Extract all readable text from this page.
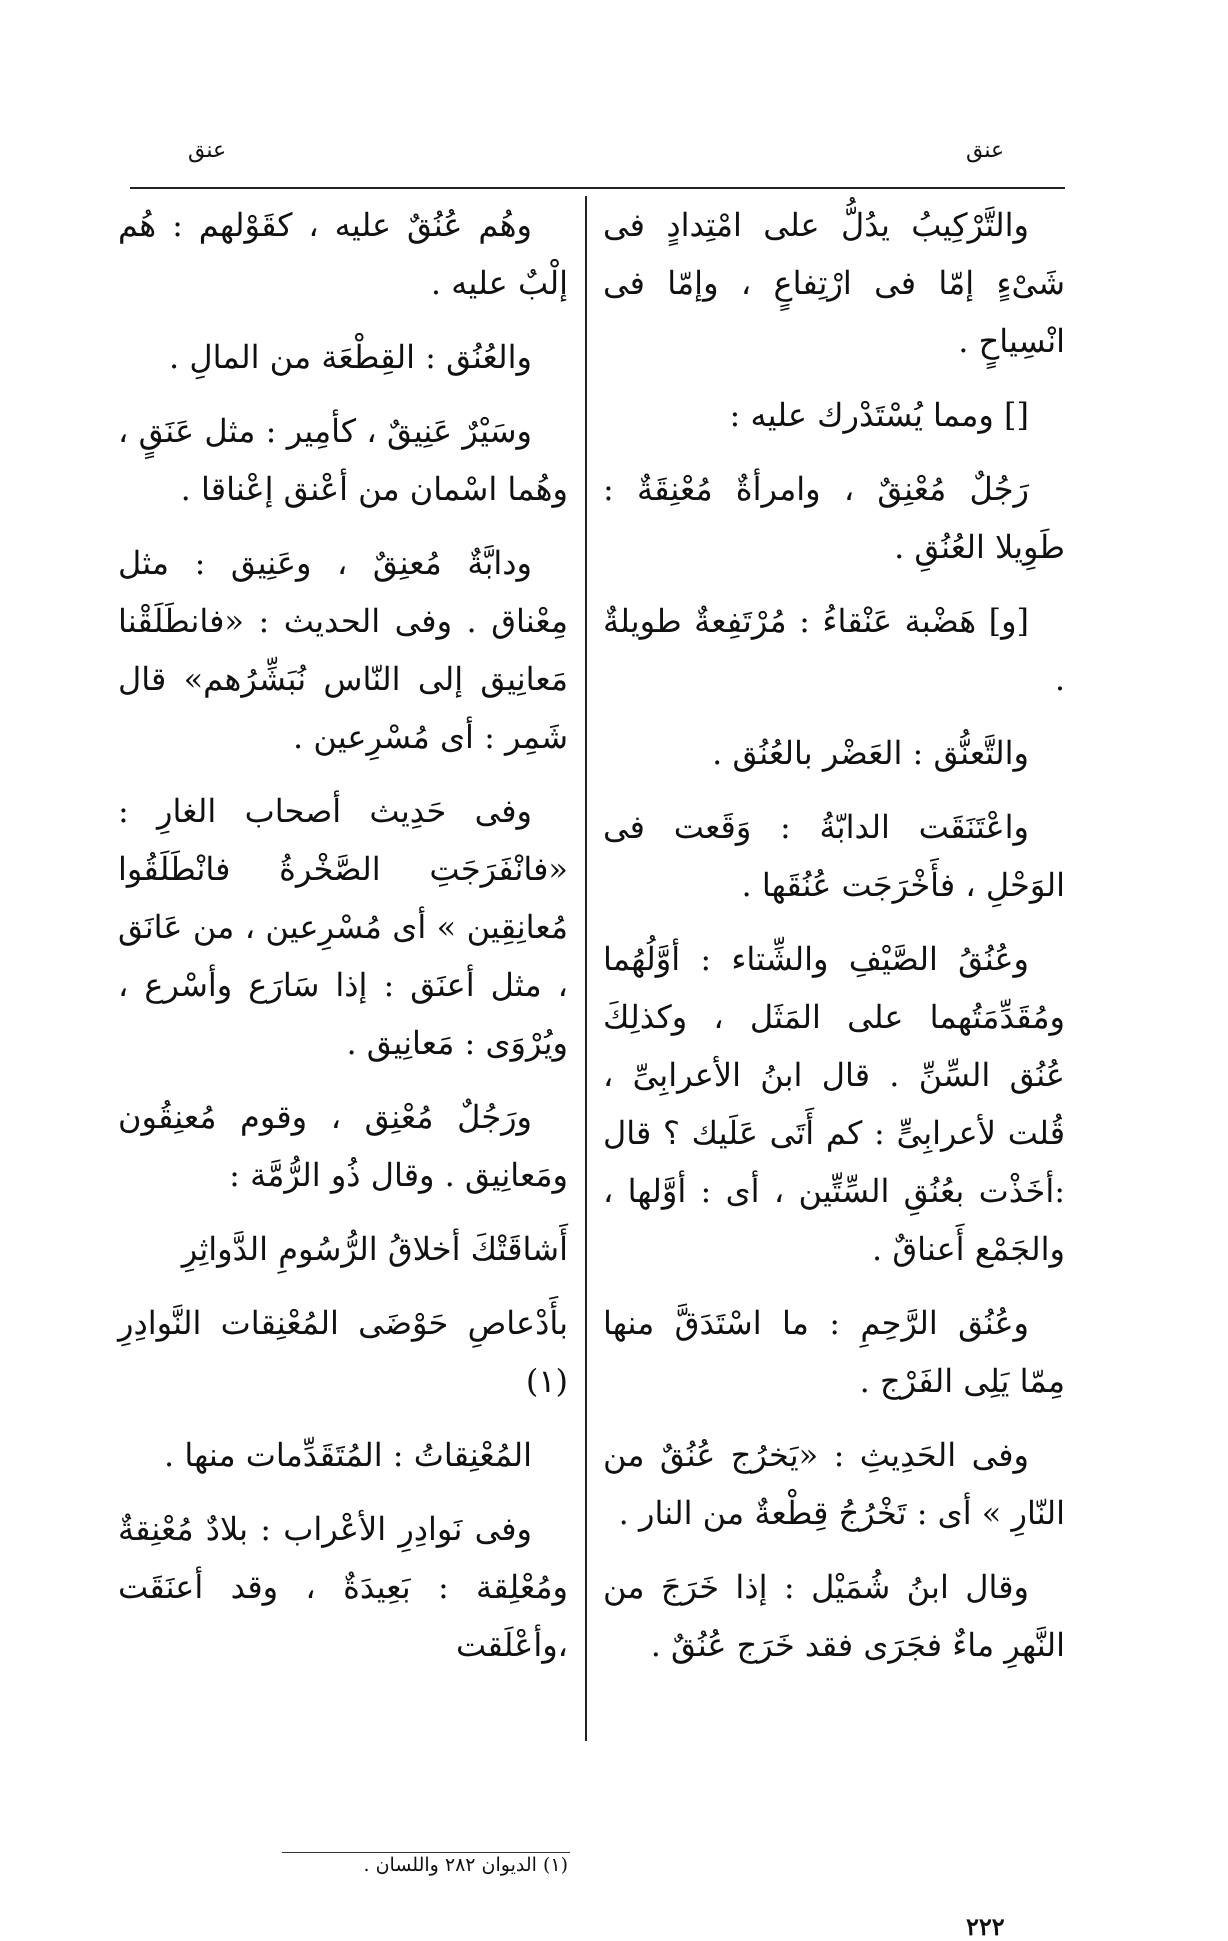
عنق
عنق

والتَّرْكِيبُ يدُلُّ على امْتِدادٍ فى شَىْءٍ إمّا فى ارْتِفاعٍ ، وإمّا فى انْسِياحٍ .

[] ومما يُسْتَدْرك عليه :

رَجُلٌ مُعْنِقٌ ، وامرأةٌ مُعْنِقَةٌ : طَوِيلا العُنُقِ .

[و] هَضْبة عَنْقاءُ : مُرْتَفِعةٌ طويلةٌ .

والتَّعنُّق : العَضْر بالعُنُق .

واعْتَنَقَت الدابّةُ : وَقَعت فى الوَحْلِ ، فأَخْرَجَت عُنُقَها .

وعُنُقُ الصَّيْفِ والشِّتاء : أوَّلُهُما ومُقَدِّمَتُهما على المَثَل ، وكذلِكَ عُنُق السِّنِّ . قال ابنُ الأعرابِىِّ ، قُلت لأعرابِىٍّ : كم أَتَى عَلَيك ؟ قال :أخَذْت بعُنُقِ السِّتِّين ، أى : أوَّلها ، والجَمْع أَعناقٌ .

وعُنُق الرَّحِمِ : ما اسْتَدَقَّ منها مِمّا يَلِى الفَرْج .

وفى الحَدِيثِ : «يَخرُج عُنُقٌ من النّارِ » أى : تَخْرُجُ قِطْعةٌ من النار .

وقال ابنُ شُمَيْل : إذا خَرَجَ من النَّهرِ ماءٌ فجَرَى فقد خَرَج عُنُقٌ .

وهُم عُنُقٌ عليه ، كقَوْلهم : هُم إلْبٌ عليه .

والعُنُق : القِطْعَة من المالِ .

وسَيْرٌ عَنِيقٌ ، كأمِير : مثل عَنَقٍ ، وهُما اسْمان من أعْنق إعْناقا .

ودابَّةٌ مُعنِقٌ ، وعَنِيق : مثل مِعْناق . وفى الحديث : «فانطَلَقْنا مَعانِيق إلى النّاس نُبَشِّرُهم» قال شَمِر : أى مُسْرِعين .

وفى حَدِيث أصحاب الغارِ : «فانْفَرَجَتِ الصَّخْرةُ فانْطَلَقُوا مُعانِقِين » أى مُسْرِعين ، من عَانَق ، مثل أعنَق : إذا سَارَع وأسْرع ، ويُرْوَى : مَعانِيق .

ورَجُلٌ مُعْنِق ، وقوم مُعنِقُون ومَعانِيق . وقال ذُو الرُّمَّة :

أَشاقَتْكَ أخلاقُ الرُّسُومِ الدَّواثِرِ

بأَدْعاصِ حَوْضَى المُعْنِقات النَّوادِرِ (١)

المُعْنِقاتُ : المُتَقَدِّمات منها .

وفى نَوادِرِ الأعْراب : بلادٌ مُعْنِقةٌ ومُعْلِقة : بَعِيدَةٌ ، وقد أعنَقَت ،وأعْلَقت

(١) الديوان ٢٨٢ واللسان .
٢٢٢
